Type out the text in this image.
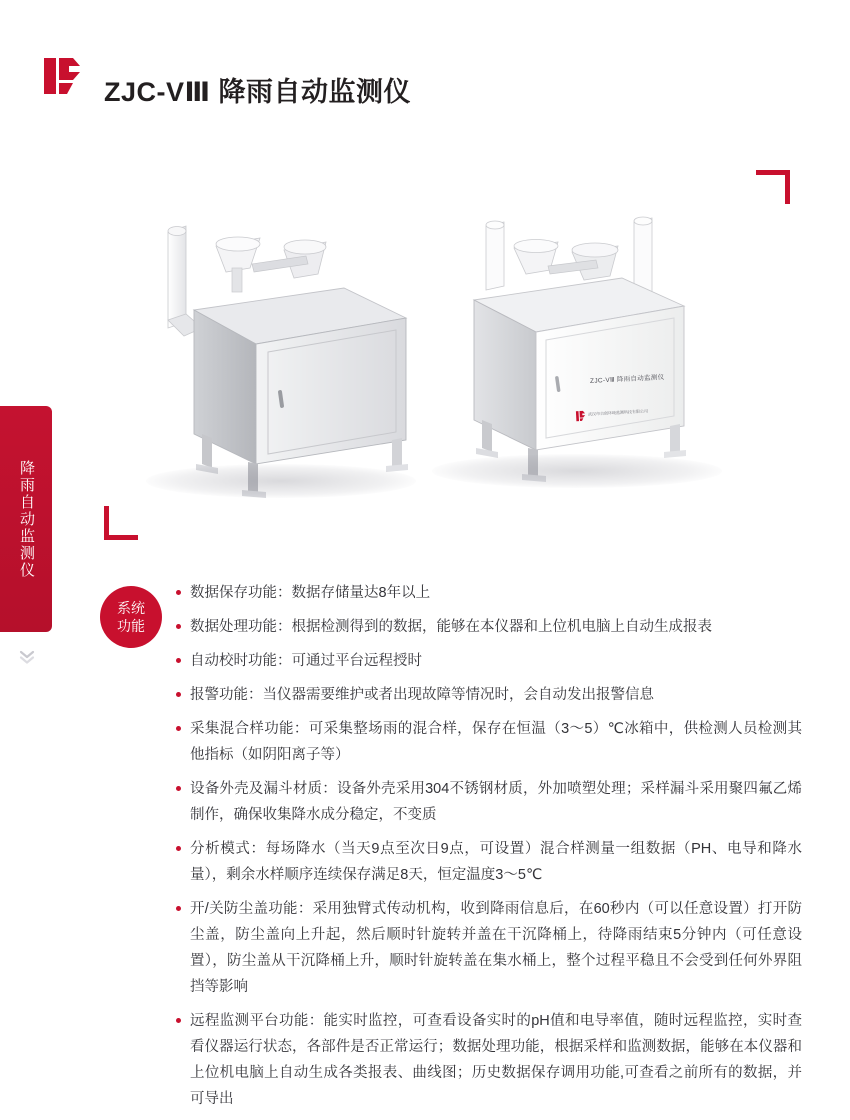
降雨自动监测仪
ZJC-VⅢ 降雨自动监测仪
ZJC-VⅢ 降雨自动监测仪
武汉市吉创环境监测科技有限公司
系统
功能
数据保存功能：数据存储量达8年以上
数据处理功能：根据检测得到的数据，能够在本仪器和上位机电脑上自动生成报表
自动校时功能：可通过平台远程授时
报警功能：当仪器需要维护或者出现故障等情况时，会自动发出报警信息
采集混合样功能：可采集整场雨的混合样，保存在恒温（3～5）℃冰箱中，供检测人员检测其他指标（如阴阳离子等）
设备外壳及漏斗材质：设备外壳采用304不锈钢材质，外加喷塑处理；采样漏斗采用聚四氟乙烯制作，确保收集降水成分稳定，不变质
分析模式：每场降水（当天9点至次日9点，可设置）混合样测量一组数据（PH、电导和降水量），剩余水样顺序连续保存满足8天，恒定温度3～5℃
开/关防尘盖功能：采用独臂式传动机构，收到降雨信息后，在60秒内（可以任意设置）打开防尘盖，防尘盖向上升起，然后顺时针旋转并盖在干沉降桶上，待降雨结束5分钟内（可任意设置），防尘盖从干沉降桶上升，顺时针旋转盖在集水桶上，整个过程平稳且不会受到任何外界阻挡等影响
远程监测平台功能：能实时监控，可查看设备实时的pH值和电导率值，随时远程监控，实时查看仪器运行状态，各部件是否正常运行；数据处理功能，根据采样和监测数据，能够在本仪器和上位机电脑上自动生成各类报表、曲线图；历史数据保存调用功能,可查看之前所有的数据，并可导出
